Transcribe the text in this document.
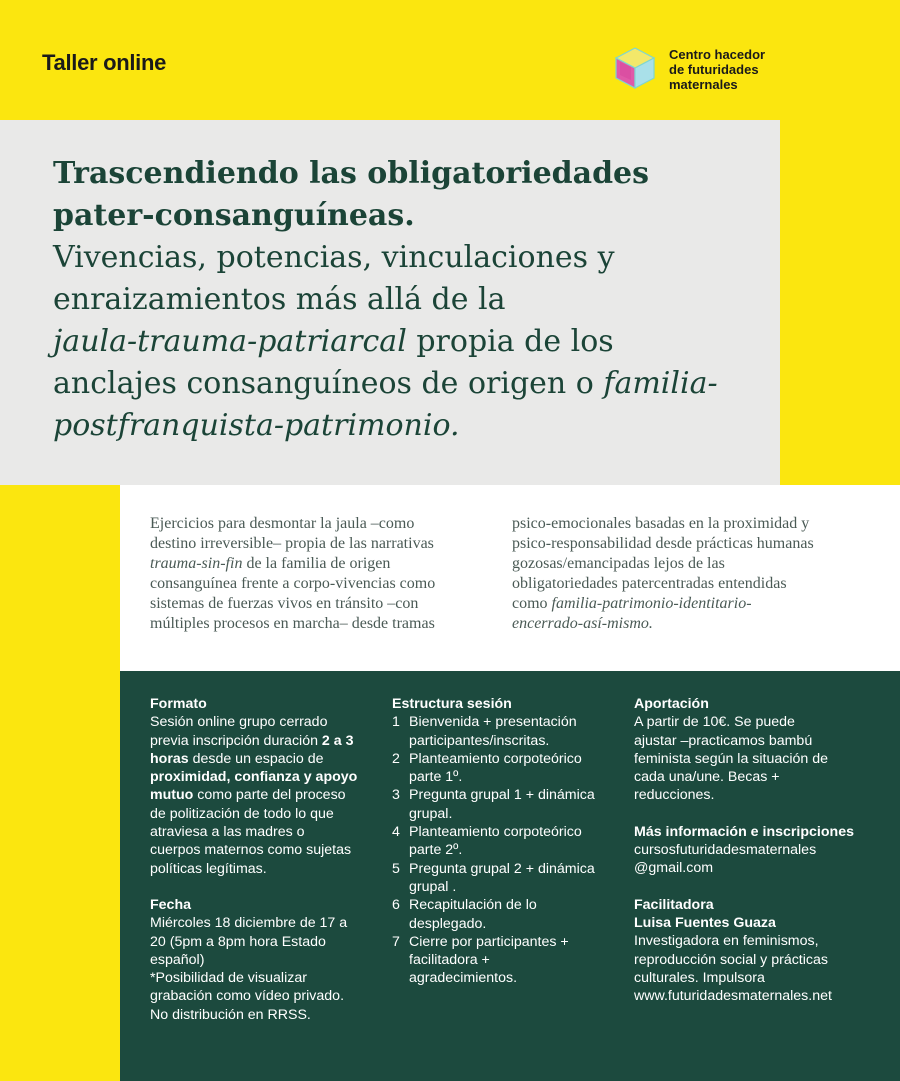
Taller online	Centro hacedor
de futuridades
maternales
Trascendiendo las obligatoriedades
pater-consanguíneas.
Vivencias, potencias, vinculaciones y
enraizamientos más allá de la
jaula-trauma-patriarcal propia de los
anclajes consanguíneos de origen o familia-
postfranquista-patrimonio.
Ejercicios para desmontar la jaula –como
destino irreversible– propia de las narrativas
trauma-sin-fin de la familia de origen
consanguínea frente a corpo-vivencias como
sistemas de fuerzas vivos en tránsito –con
múltiples procesos en marcha– desde tramas
psico-emocionales basadas en la proximidad y
psico-responsabilidad desde prácticas humanas
gozosas/emancipadas lejos de las
obligatoriedades patercentradas entendidas
como familia-patrimonio-identitario-
encerrado-así-mismo.
Formato
Sesión online grupo cerrado
previa inscripción duración 2 a 3
horas desde un espacio de
proximidad, confianza y apoyo
mutuo como parte del proceso
de politización de todo lo que
atraviesa a las madres o
cuerpos maternos como sujetas
políticas legítimas.
Fecha
Miércoles 18 diciembre de 17 a
20 (5pm a 8pm hora Estado
español)
*Posibilidad de visualizar
grabación como vídeo privado.
No distribución en RRSS.
Estructura sesión
1 Bienvenida + presentación
participantes/inscritas.
2 Planteamiento corpoteórico
parte 1º.
3 Pregunta grupal 1 + dinámica
grupal.
4 Planteamiento corpoteórico
parte 2º.
5 Pregunta grupal 2 + dinámica
grupal .
6 Recapitulación de lo
desplegado.
7 Cierre por participantes +
facilitadora +
agradecimientos.
Aportación
A partir de 10€. Se puede
ajustar –practicamos bambú
feminista según la situación de
cada una/une. Becas +
reducciones.
Más información e inscripciones
cursosfuturidadesmaternales
@gmail.com
Facilitadora
Luisa Fuentes Guaza
Investigadora en feminismos,
reproducción social y prácticas
culturales. Impulsora
www.futuridadesmaternales.net
